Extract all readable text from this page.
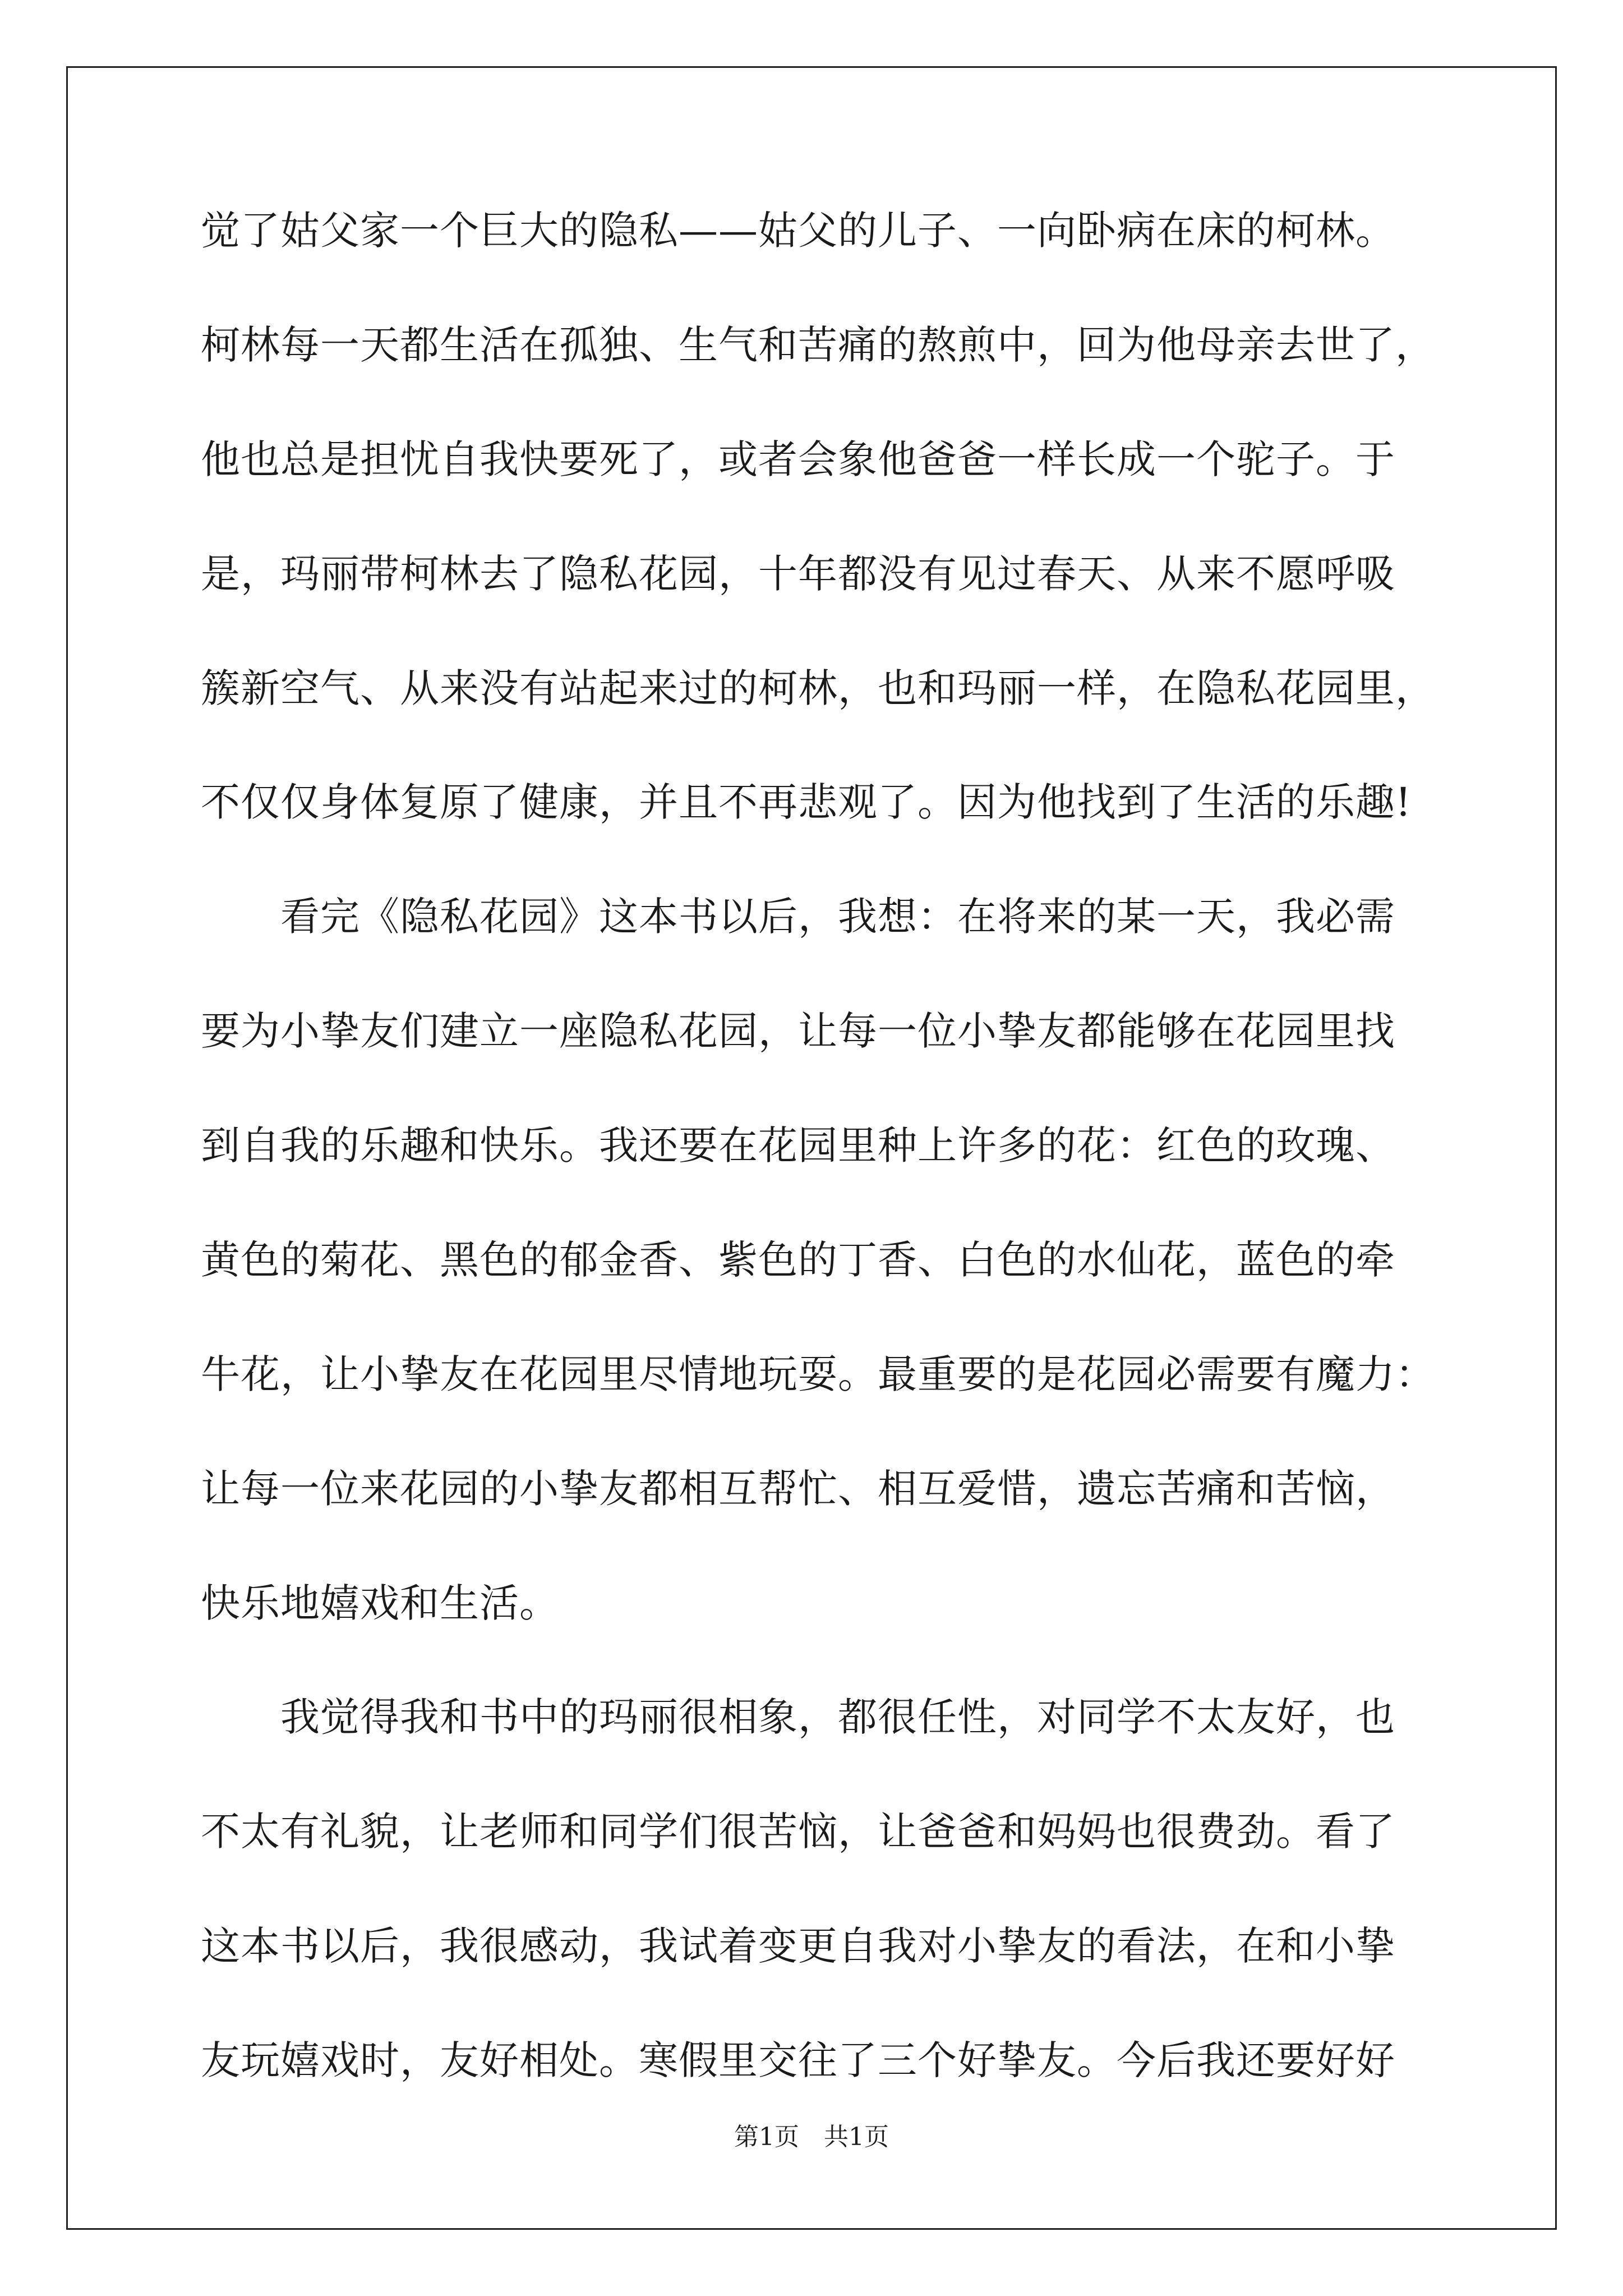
觉了姑父家一个巨大的隐私——姑父的儿子、一向卧病在床的柯林。
柯林每一天都生活在孤独、生气和苦痛的熬煎中，回为他母亲去世了，
他也总是担忧自我快要死了，或者会象他爸爸一样长成一个驼子。于
是，玛丽带柯林去了隐私花园，十年都没有见过春天、从来不愿呼吸
簇新空气、从来没有站起来过的柯林，也和玛丽一样，在隐私花园里，
不仅仅身体复原了健康，并且不再悲观了。因为他找到了生活的乐趣!
看完《隐私花园》这本书以后，我想：在将来的某一天，我必需
要为小挚友们建立一座隐私花园，让每一位小挚友都能够在花园里找
到自我的乐趣和快乐。我还要在花园里种上许多的花：红色的玫瑰、
黄色的菊花、黑色的郁金香、紫色的丁香、白色的水仙花，蓝色的牵
牛花，让小挚友在花园里尽情地玩耍。最重要的是花园必需要有魔力：
让每一位来花园的小挚友都相互帮忙、相互爱惜，遗忘苦痛和苦恼，
快乐地嬉戏和生活。
我觉得我和书中的玛丽很相象，都很任性，对同学不太友好，也
不太有礼貌，让老师和同学们很苦恼，让爸爸和妈妈也很费劲。看了
这本书以后，我很感动，我试着变更自我对小挚友的看法，在和小挚
友玩嬉戏时，友好相处。寒假里交往了三个好挚友。今后我还要好好
第1页 共1页
